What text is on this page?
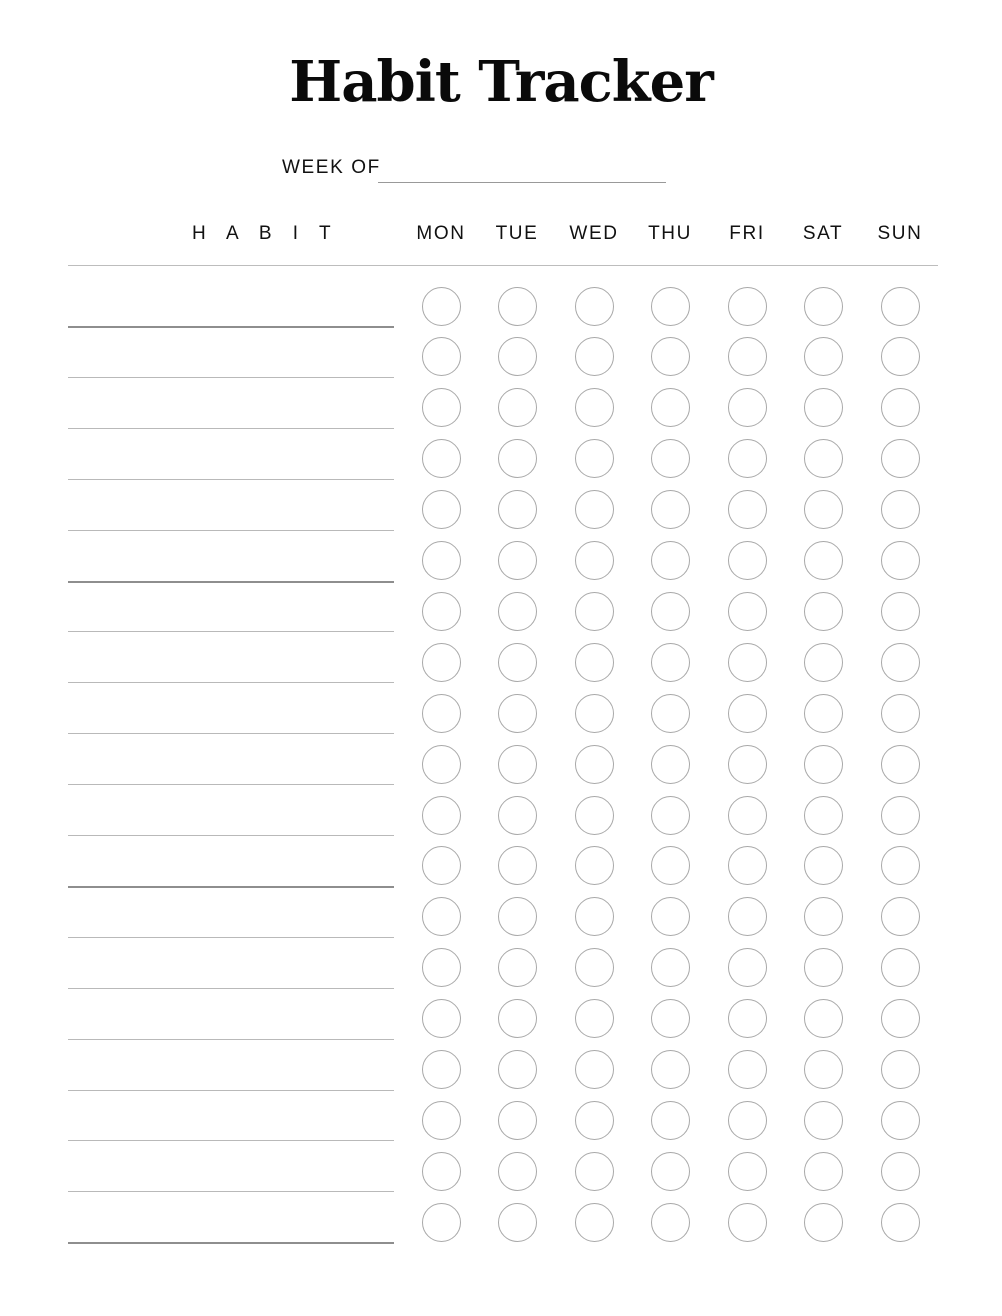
Habit Tracker
WEEK OF
H A B I T	MON	TUE	WED	THU	FRI	SAT	SUN
